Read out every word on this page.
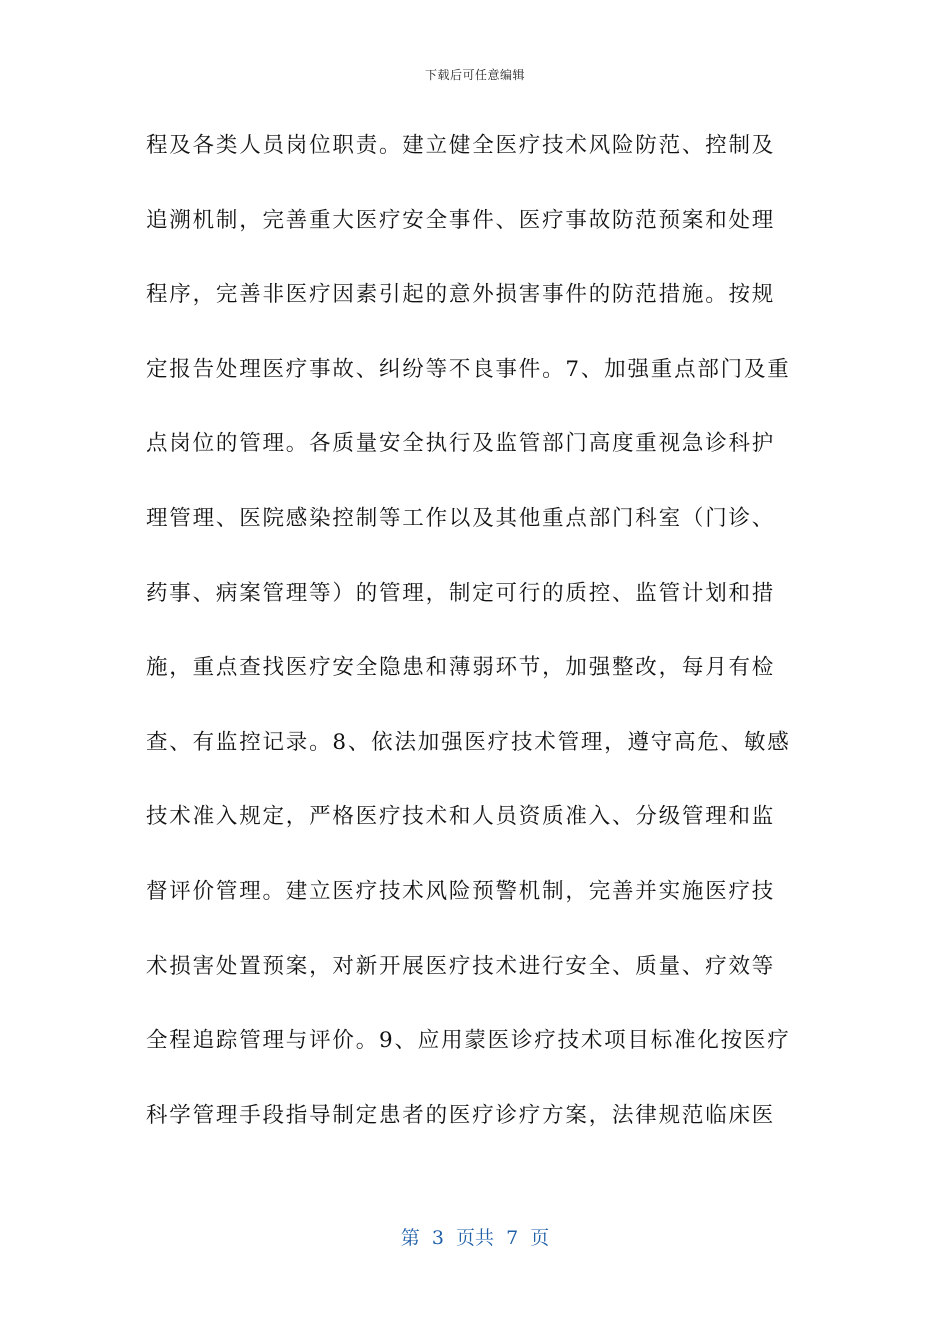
下载后可任意编辑
程及各类人员岗位职责。建立健全医疗技术风险防范、控制及
追溯机制，完善重大医疗安全事件、医疗事故防范预案和处理
程序，完善非医疗因素引起的意外损害事件的防范措施。按规
定报告处理医疗事故、纠纷等不良事件。7、加强重点部门及重
点岗位的管理。各质量安全执行及监管部门高度重视急诊科护
理管理、医院感染控制等工作以及其他重点部门科室（门诊、
药事、病案管理等）的管理，制定可行的质控、监管计划和措
施，重点查找医疗安全隐患和薄弱环节，加强整改，每月有检
查、有监控记录。8、依法加强医疗技术管理，遵守高危、敏感
技术准入规定，严格医疗技术和人员资质准入、分级管理和监
督评价管理。建立医疗技术风险预警机制，完善并实施医疗技
术损害处置预案，对新开展医疗技术进行安全、质量、疗效等
全程追踪管理与评价。9、应用蒙医诊疗技术项目标准化按医疗
科学管理手段指导制定患者的医疗诊疗方案，法律规范临床医
第  3  页共  7  页
